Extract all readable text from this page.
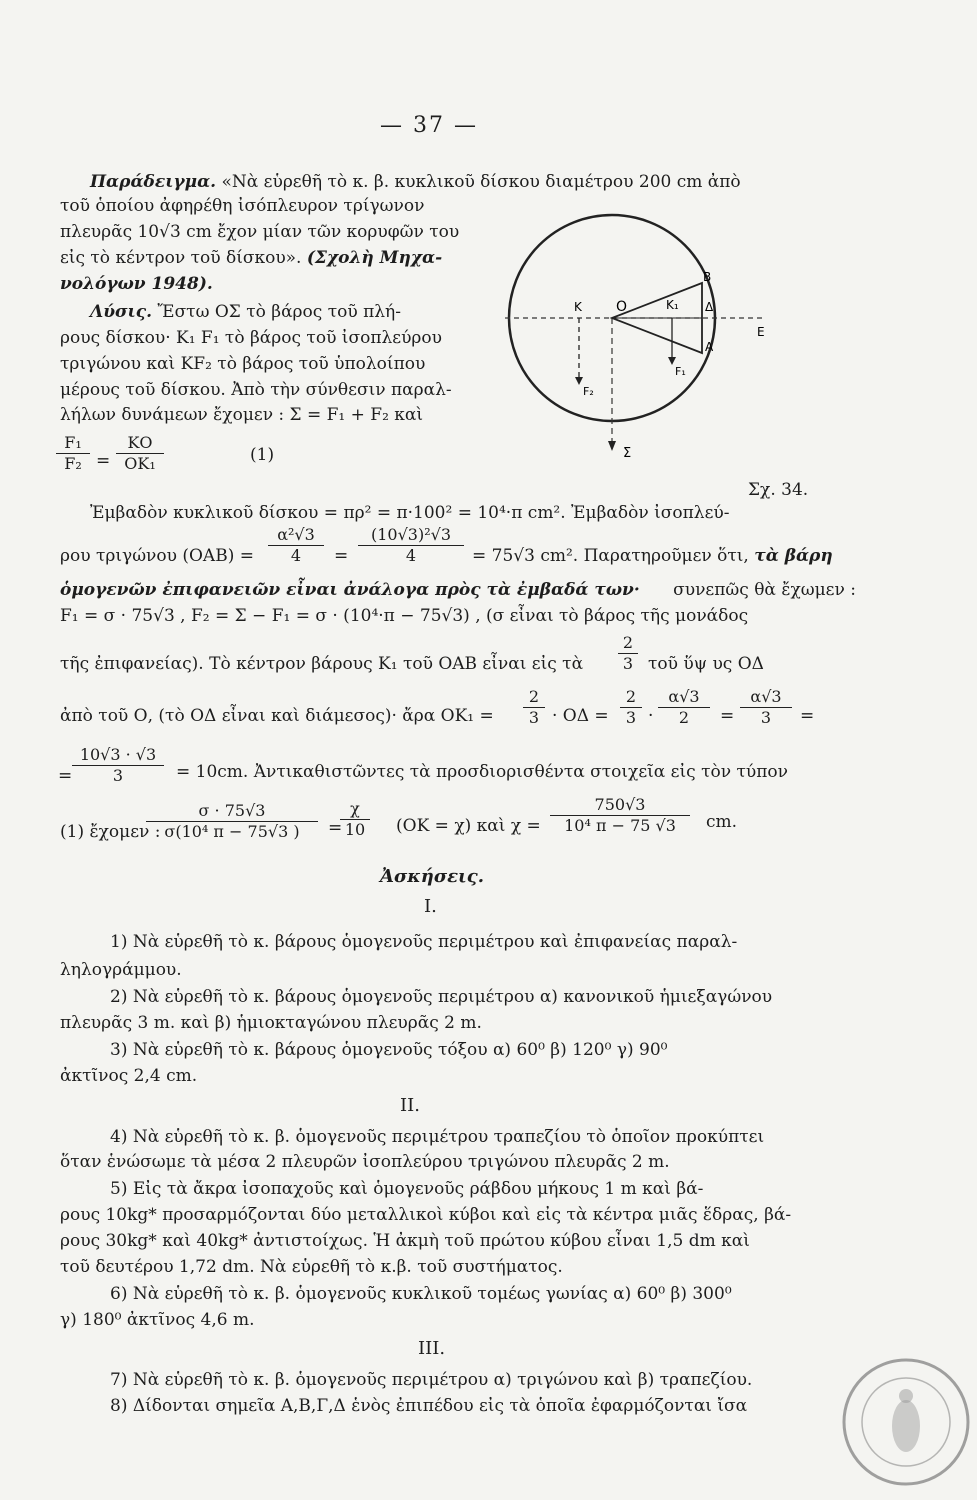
— 37 —
Παράδειγμα. «Νὰ εὑρεθῆ τὸ κ. β. κυκλικοῦ δίσκου διαμέτρου 200 cm ἀπὸ
τοῦ ὁποίου ἀφηρέθη ἰσόπλευρον τρίγωνον
πλευρᾶς 10√3 cm ἔχον μίαν τῶν κορυφῶν του
εἰς τὸ κέντρον τοῦ δίσκου». (Σχολὴ Μηχα-
νολόγων 1948).
Λύσις. Ἔστω ΟΣ τὸ βάρος τοῦ πλή-
ρους δίσκου· Κ₁ F₁ τὸ βάρος τοῦ ἰσοπλεύρου
τριγώνου καὶ ΚF₂ τὸ βάρος τοῦ ὑπολοίπου
μέρους τοῦ δίσκου. Ἀπὸ τὴν σύνθεσιν παραλ-
λήλων δυνάμεων ἔχομεν : Σ = F₁ + F₂ καὶ
F₁
F₂ =
ΚΟ
ΟΚ₁	(1)
K O	K₁
B
Δ
A
E
Σ
F₁
F₂
Σχ. 34.
Ἐμβαδὸν κυκλικοῦ δίσκου = πρ² = π·100² = 10⁴·π cm². Ἐμβαδὸν ἰσοπλεύ-
ρου τριγώνου (ΟΑΒ) =
α²√3
4	=
(10√3)²√3
4	= 75√3 cm². Παρατηροῦμεν ὅτι, τὰ βάρη
ὁμογενῶν ἐπιφανειῶν εἶναι ἀνάλογα πρὸς τὰ ἐμβαδά των· συνεπῶς θὰ ἔχωμεν :
F₁ = σ · 75√3 , F₂ = Σ − F₁ = σ · (10⁴·π − 75√3) , (σ εἶναι τὸ βάρος τῆς μονάδος
τῆς ἐπιφανείας). Τὸ κέντρον βάρους Κ₁ τοῦ ΟΑΒ εἶναι εἰς τὰ
2
3 τοῦ ὕψ υς ΟΔ
ἀπὸ τοῦ Ο, (τὸ ΟΔ εἶναι καὶ διάμεσος)· ἄρα ΟΚ₁ =
2
3 · ΟΔ =
2
3 ·
α√3
2	=
α√3
3	=
=
10√3 · √3
3	= 10cm. Ἀντικαθιστῶντες τὰ προσδιορισθέντα στοιχεῖα εἰς τὸν τύπον
(1) ἔχομεν :
σ · 75√3
σ(10⁴ π − 75√3 )	=
χ
10 (ΟΚ = χ) καὶ χ =
750√3
10⁴ π − 75 √3	cm.
Ἀσκήσεις.
I.
1) Νὰ εὑρεθῆ τὸ κ. βάρους ὁμογενοῦς περιμέτρου καὶ ἐπιφανείας παραλ-
ληλογράμμου.
2) Νὰ εὑρεθῆ τὸ κ. βάρους ὁμογενοῦς περιμέτρου α) κανονικοῦ ἡμιεξαγώνου
πλευρᾶς 3 m. καὶ β) ἡμιοκταγώνου πλευρᾶς 2 m.
3) Νὰ εὑρεθῆ τὸ κ. βάρους ὁμογενοῦς τόξου α) 60⁰ β) 120⁰ γ) 90⁰
ἀκτῖνος 2,4 cm.
II.
4) Νὰ εὑρεθῆ τὸ κ. β. ὁμογενοῦς περιμέτρου τραπεζίου τὸ ὁποῖον προκύπτει
ὅταν ἑνώσωμε τὰ μέσα 2 πλευρῶν ἰσοπλεύρου τριγώνου πλευρᾶς 2 m.
5) Εἰς τὰ ἄκρα ἰσοπαχοῦς καὶ ὁμογενοῦς ράβδου μήκους 1 m καὶ βά-
ρους 10kg* προσαρμόζονται δύο μεταλλικοὶ κύβοι καὶ εἰς τὰ κέντρα μιᾶς ἕδρας, βά-
ρους 30kg* καὶ 40kg* ἀντιστοίχως. Ἡ ἀκμὴ τοῦ πρώτου κύβου εἶναι 1,5 dm καὶ
τοῦ δευτέρου 1,72 dm. Νὰ εὑρεθῆ τὸ κ.β. τοῦ συστήματος.
6) Νὰ εὑρεθῆ τὸ κ. β. ὁμογενοῦς κυκλικοῦ τομέως γωνίας α) 60⁰ β) 300⁰
γ) 180⁰ ἀκτῖνος 4,6 m.
III.
7) Νὰ εὑρεθῆ τὸ κ. β. ὁμογενοῦς περιμέτρου α) τριγώνου καὶ β) τραπεζίου.
8) Δίδονται σημεῖα Α,Β,Γ,Δ ἑνὸς ἐπιπέδου εἰς τὰ ὁποῖα ἐφαρμόζονται ἴσα
